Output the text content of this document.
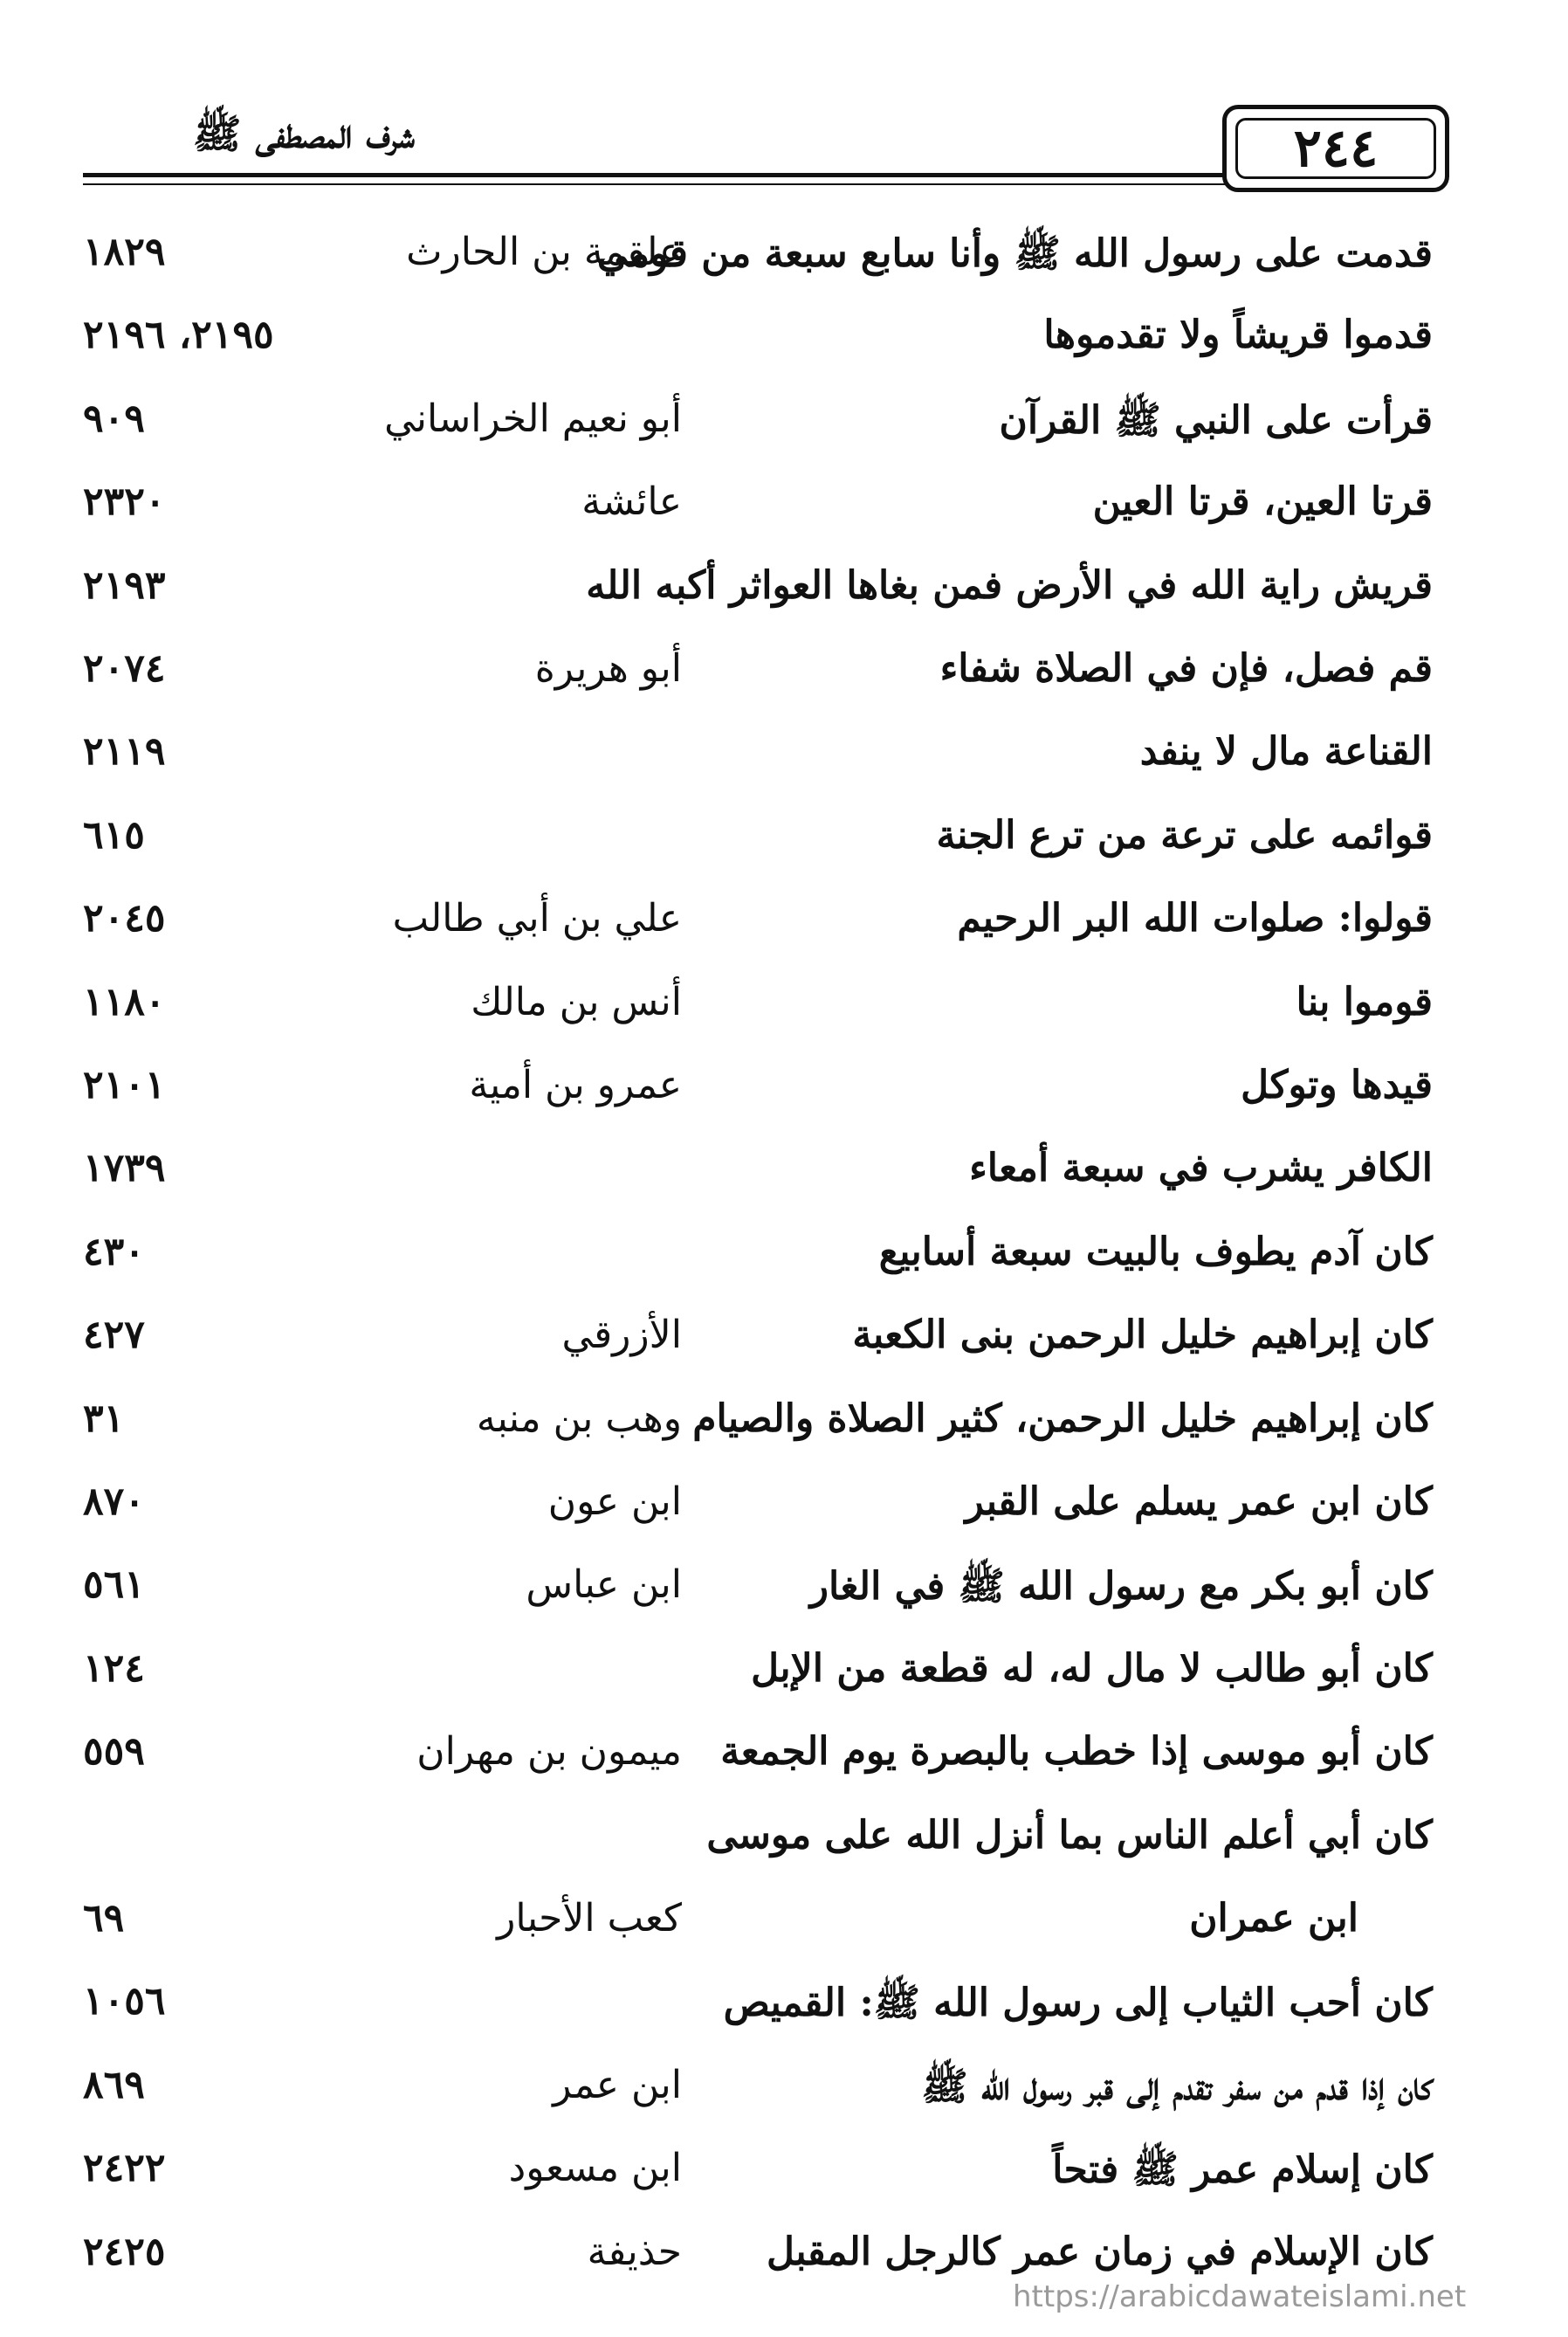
شرف المصطفى ﷺ	٢٤٤
قدمت على رسول الله ﷺ وأنا سابع سبعة من قومي
علقمة بن الحارث
١٨٢٩
قدموا قريشاً ولا تقدموها
٢١٩٥، ٢١٩٦
قرأت على النبي ﷺ القرآن
أبو نعيم الخراساني
٩٠٩
قرتا العين، قرتا العين
عائشة
٢٣٢٠
قريش راية الله في الأرض فمن بغاها العواثر أكبه الله
٢١٩٣
قم فصل، فإن في الصلاة شفاء
أبو هريرة
٢٠٧٤
القناعة مال لا ينفد
٢١١٩
قوائمه على ترعة من ترع الجنة
٦١٥
قولوا: صلوات الله البر الرحيم
علي بن أبي طالب
٢٠٤٥
قوموا بنا
أنس بن مالك
١١٨٠
قيدها وتوكل
عمرو بن أمية
٢١٠١
الكافر يشرب في سبعة أمعاء
١٧٣٩
كان آدم يطوف بالبيت سبعة أسابيع
٤٣٠
كان إبراهيم خليل الرحمن بنى الكعبة
الأزرقي
٤٢٧
كان إبراهيم خليل الرحمن، كثير الصلاة والصيام
وهب بن منبه
٣١
كان ابن عمر يسلم على القبر
ابن عون
٨٧٠
كان أبو بكر مع رسول الله ﷺ في الغار
ابن عباس
٥٦١
كان أبو طالب لا مال له، له قطعة من الإبل
١٢٤
كان أبو موسى إذا خطب بالبصرة يوم الجمعة
ميمون بن مهران
٥٥٩
كان أبي أعلم الناس بما أنزل الله على موسى
ابن عمران
كعب الأحبار
٦٩
كان أحب الثياب إلى رسول الله ﷺ: القميص
١٠٥٦
كان إذا قدم من سفر تقدم إلى قبر رسول الله ﷺ
ابن عمر
٨٦٩
كان إسلام عمر ﷺ فتحاً
ابن مسعود
٢٤٢٢
كان الإسلام في زمان عمر كالرجل المقبل
حذيفة
٢٤٢٥
https://arabicdawateislami.net
